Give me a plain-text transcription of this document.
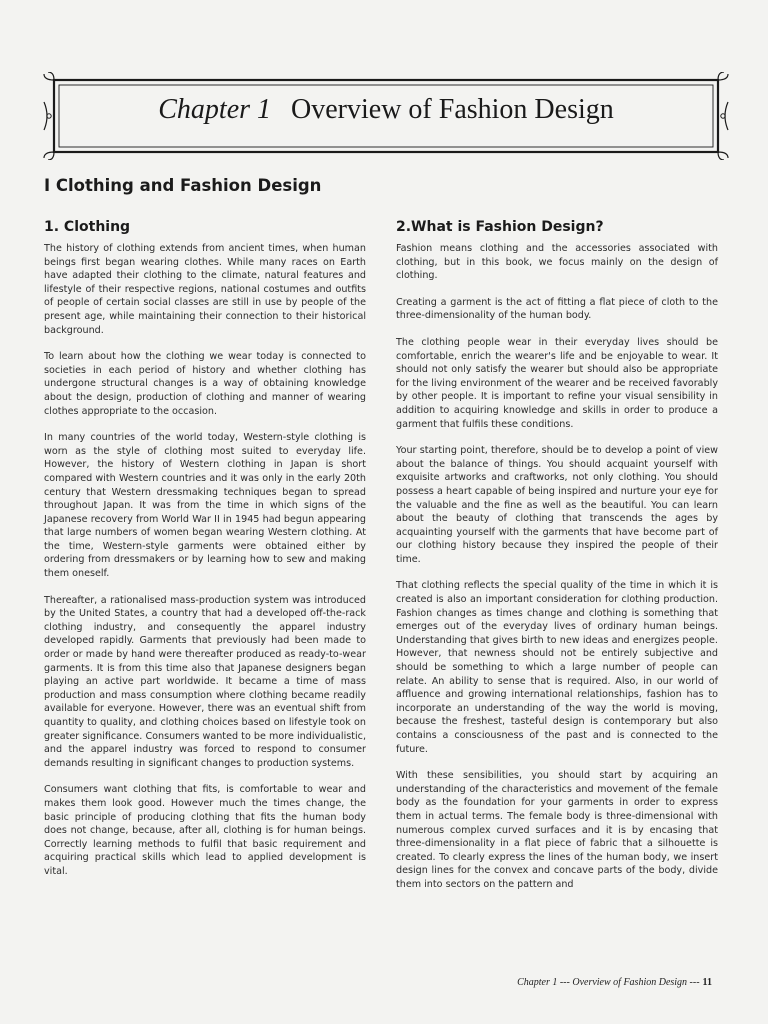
Chapter 1 Overview of Fashion Design
I Clothing and Fashion Design
1. Clothing

The history of clothing extends from ancient times, when human beings first began wearing clothes. While many races on Earth have adapted their clothing to the climate, natural features and lifestyle of their respective regions, national costumes and outfits of people of certain social classes are still in use by people of the present age, while maintaining their connection to their historical background.

To learn about how the clothing we wear today is connected to societies in each period of history and whether clothing has undergone structural changes is a way of obtaining knowledge about the design, production of clothing and manner of wearing clothes appropriate to the occasion.

In many countries of the world today, Western-style clothing is worn as the style of clothing most suited to everyday life. However, the history of Western clothing in Japan is short compared with Western countries and it was only in the early 20th century that Western dressmaking techniques began to spread throughout Japan. It was from the time in which signs of the Japanese recovery from World War II in 1945 had begun appearing that large numbers of women began wearing Western clothing. At the time, Western-style garments were obtained either by ordering from dressmakers or by learning how to sew and making them oneself.

Thereafter, a rationalised mass-production system was introduced by the United States, a country that had a developed off-the-rack clothing industry, and consequently the apparel industry developed rapidly. Garments that previously had been made to order or made by hand were thereafter produced as ready-to-wear garments. It is from this time also that Japanese designers began playing an active part worldwide. It became a time of mass production and mass consumption where clothing became readily available for everyone. However, there was an eventual shift from quantity to quality, and clothing choices based on lifestyle took on greater significance. Consumers wanted to be more individualistic, and the apparel industry was forced to respond to consumer demands resulting in significant changes to production systems.

Consumers want clothing that fits, is comfortable to wear and makes them look good. However much the times change, the basic principle of producing clothing that fits the human body does not change, because, after all, clothing is for human beings. Correctly learning methods to fulfil that basic requirement and acquiring practical skills which lead to applied development is vital.

2.What is Fashion Design?

Fashion means clothing and the accessories associated with clothing, but in this book, we focus mainly on the design of clothing.

Creating a garment is the act of fitting a flat piece of cloth to the three-dimensionality of the human body.

The clothing people wear in their everyday lives should be comfortable, enrich the wearer's life and be enjoyable to wear. It should not only satisfy the wearer but should also be appropriate for the living environment of the wearer and be received favorably by other people. It is important to refine your visual sensibility in addition to acquiring knowledge and skills in order to produce a garment that fulfils these conditions.

Your starting point, therefore, should be to develop a point of view about the balance of things. You should acquaint yourself with exquisite artworks and craftworks, not only clothing. You should possess a heart capable of being inspired and nurture your eye for the valuable and the fine as well as the beautiful. You can learn about the beauty of clothing that transcends the ages by acquainting yourself with the garments that have become part of our clothing history because they inspired the people of their time.

That clothing reflects the special quality of the time in which it is created is also an important consideration for clothing production. Fashion changes as times change and clothing is something that emerges out of the everyday lives of ordinary human beings. Understanding that gives birth to new ideas and energizes people. However, that newness should not be entirely subjective and should be something to which a large number of people can relate. An ability to sense that is required. Also, in our world of affluence and growing international relationships, fashion has to incorporate an understanding of the way the world is moving, because the freshest, tasteful design is contemporary but also contains a consciousness of the past and is connected to the future.

With these sensibilities, you should start by acquiring an understanding of the characteristics and movement of the female body as the foundation for your garments in order to express them in actual terms. The female body is three-dimensional with numerous complex curved surfaces and it is by encasing that three-dimensionality in a flat piece of fabric that a silhouette is created. To clearly express the lines of the human body, we insert design lines for the convex and concave parts of the body, divide them into sectors on the pattern and

Chapter 1 --- Overview of Fashion Design --- 11
